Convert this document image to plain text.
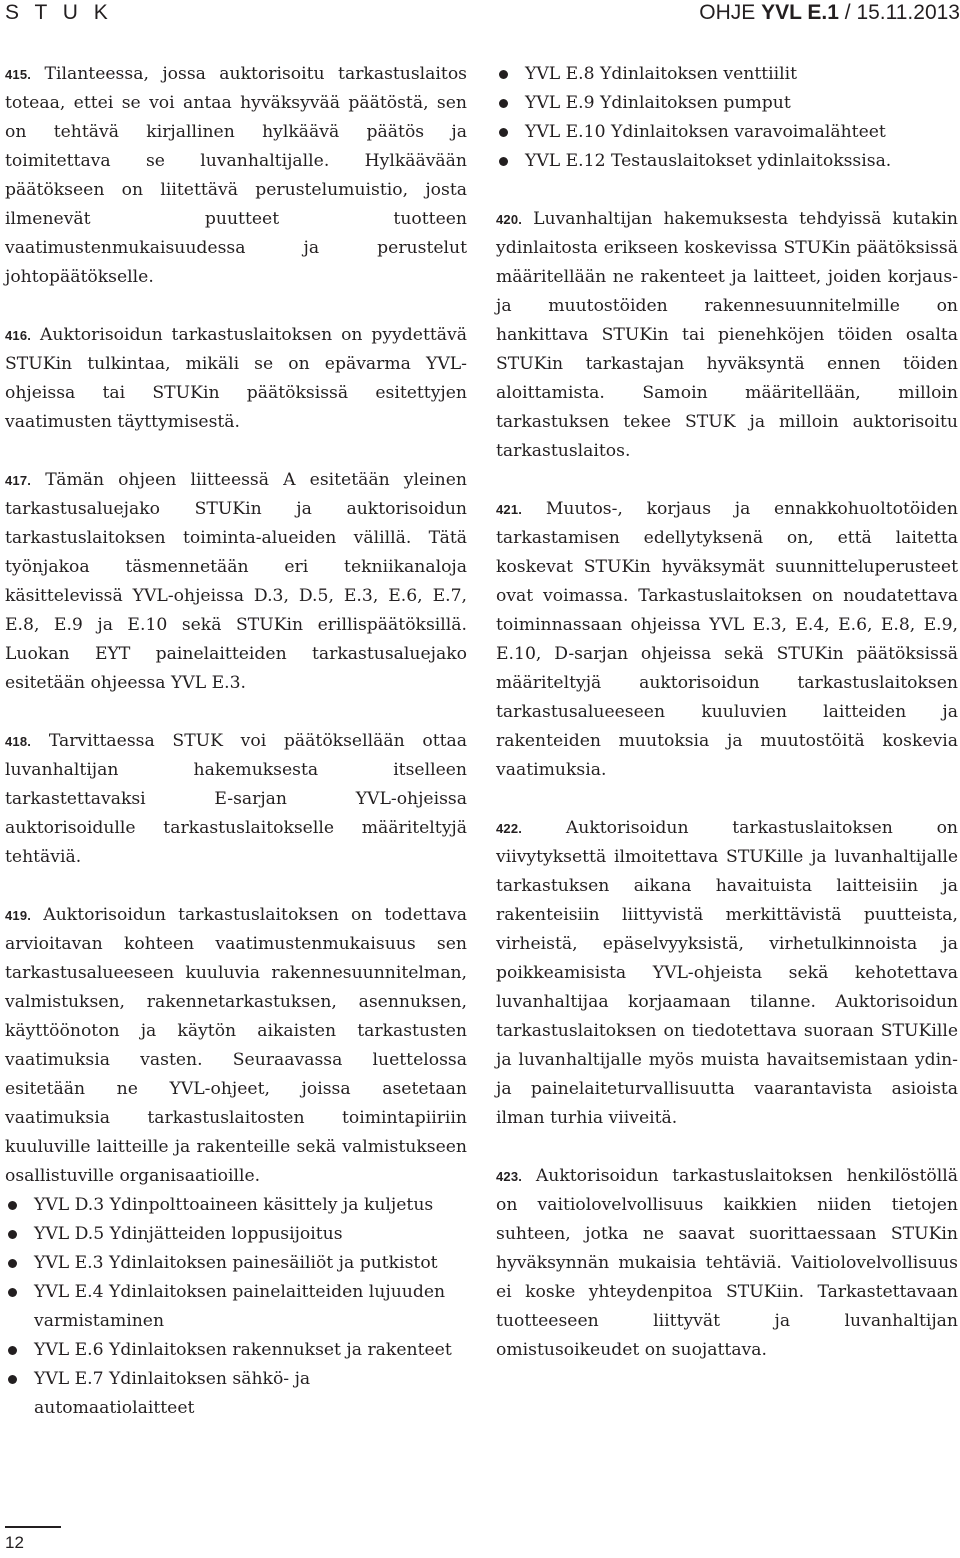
S T U K	OHJE YVL E.1 / 15.11.2013

415. Tilanteessa, jossa auktorisoitu tarkastuslaitos toteaa, ettei se voi antaa hyväksyvää päätöstä, sen on tehtävä kirjallinen hylkäävä päätös ja toimitettava se luvanhaltijalle. Hylkäävään päätökseen on liitettävä perustelumuistio, josta ilmenevät puutteet tuotteen vaatimustenmukaisuudessa ja perustelut johtopäätökselle.

416. Auktorisoidun tarkastuslaitoksen on pyydettävä STUKin tulkintaa, mikäli se on epävarma YVL-ohjeissa tai STUKin päätöksissä esitettyjen vaatimusten täyttymisestä.

417. Tämän ohjeen liitteessä A esitetään yleinen tarkastusaluejako STUKin ja auktorisoidun tarkastuslaitoksen toiminta-alueiden välillä. Tätä työnjakoa täsmennetään eri tekniikanaloja käsittelevissä YVL-ohjeissa D.3, D.5, E.3, E.6, E.7, E.8, E.9 ja E.10 sekä STUKin erillispäätöksillä. Luokan EYT painelaitteiden tarkastusaluejako esitetään ohjeessa YVL E.3.

418. Tarvittaessa STUK voi päätöksellään ottaa luvanhaltijan hakemuksesta itselleen tarkastettavaksi E-sarjan YVL-ohjeissa auktorisoidulle tarkastuslaitokselle määriteltyjä tehtäviä.

419. Auktorisoidun tarkastuslaitoksen on todettava arvioitavan kohteen vaatimustenmukaisuus sen tarkastusalueeseen kuuluvia rakennesuunnitelman, valmistuksen, rakennetarkastuksen, asennuksen, käyttöönoton ja käytön aikaisten tarkastusten vaatimuksia vasten. Seuraavassa luettelossa esitetään ne YVL-ohjeet, joissa asetetaan vaatimuksia tarkastuslaitosten toimintapiiriin kuuluville laitteille ja rakenteille sekä valmistukseen osallistuville organisaatioille.

YVL D.3 Ydinpolttoaineen käsittely ja kuljetus
YVL D.5 Ydinjätteiden loppusijoitus
YVL E.3 Ydinlaitoksen painesäiliöt ja putkistot
YVL E.4 Ydinlaitoksen painelaitteiden lujuuden varmistaminen
YVL E.6 Ydinlaitoksen rakennukset ja rakenteet
YVL E.7 Ydinlaitoksen sähkö- ja automaatiolaitteet
YVL E.8 Ydinlaitoksen venttiilit
YVL E.9 Ydinlaitoksen pumput
YVL E.10 Ydinlaitoksen varavoimalähteet
YVL E.12 Testauslaitokset ydinlaitokssisa.

420. Luvanhaltijan hakemuksesta tehdyissä kutakin ydinlaitosta erikseen koskevissa STUKin päätöksissä määritellään ne rakenteet ja laitteet, joiden korjaus- ja muutostöiden rakennesuunnitelmille on hankittava STUKin tai pienehköjen töiden osalta STUKin tarkastajan hyväksyntä ennen töiden aloittamista. Samoin määritellään, milloin tarkastuksen tekee STUK ja milloin auktorisoitu tarkastuslaitos.

421. Muutos-, korjaus ja ennakkohuoltotöiden tarkastamisen edellytyksenä on, että laitetta koskevat STUKin hyväksymät suunnitteluperusteet ovat voimassa. Tarkastuslaitoksen on noudatettava toiminnassaan ohjeissa YVL E.3, E.4, E.6, E.8, E.9, E.10, D-sarjan ohjeissa sekä STUKin päätöksissä määriteltyjä auktorisoidun tarkastuslaitoksen tarkastusalueeseen kuuluvien laitteiden ja rakenteiden muutoksia ja muutostöitä koskevia vaatimuksia.

422.	Auktorisoidun tarkastuslaitoksen on viivytyksettä ilmoitettava STUKille ja luvanhaltijalle tarkastuksen aikana havaituista laitteisiin ja rakenteisiin liittyvistä merkittävistä puutteista, virheistä, epäselvyyksistä, virhetulkinnoista ja poikkeamisista YVL-ohjeista sekä kehotettava luvanhaltijaa korjaamaan tilanne. Auktorisoidun tarkastuslaitoksen on tiedotettava suoraan STUKille ja luvanhaltijalle myös muista havaitsemistaan ydin- ja painelaiteturvallisuutta vaarantavista asioista ilman turhia viiveitä.

423. Auktorisoidun tarkastuslaitoksen henkilöstöllä on vaitiolovelvollisuus kaikkien niiden tietojen suhteen, jotka ne saavat suorittaessaan STUKin hyväksynnän mukaisia tehtäviä. Vaitiolovelvollisuus ei koske yhteydenpitoa STUKiin. Tarkastettavaan tuotteeseen liittyvät ja luvanhaltijan omistusoikeudet on suojattava.

12
